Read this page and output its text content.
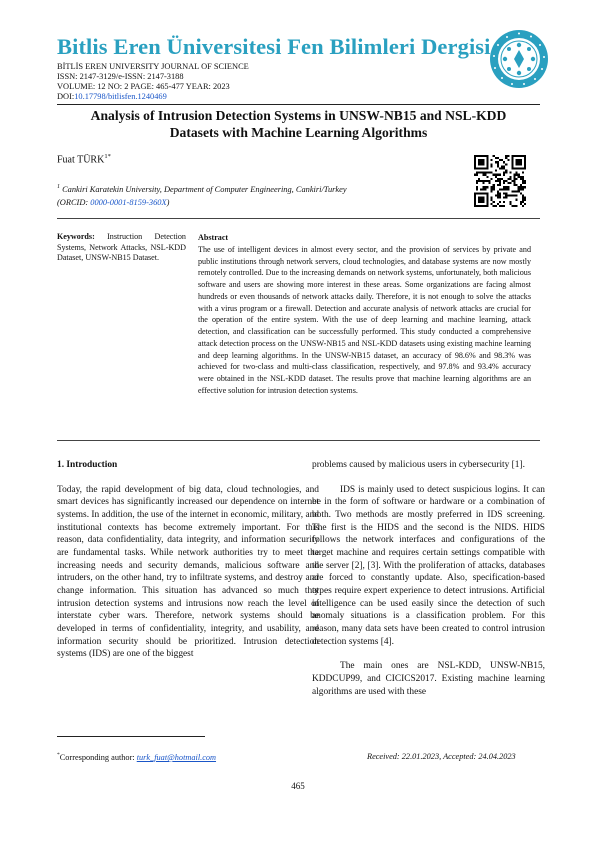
Bitlis Eren Üniversitesi Fen Bilimleri Dergisi
BİTLİS EREN UNIVERSITY JOURNAL OF SCIENCE
ISSN: 2147-3129/e-ISSN: 2147-3188
VOLUME: 12 NO: 2 PAGE: 465-477 YEAR: 2023
DOI:10.17798/bitlisfen.1240469
Analysis of Intrusion Detection Systems in UNSW-NB15 and NSL-KDD
Datasets with Machine Learning Algorithms
Fuat $TÜRK^{1*}$
$^1$ Cankiri Karatekin University, Department of Computer Engineering, Cankiri/Turkey
(ORCID: 0000-0001-8159-360X)
Keywords: Instruction Detection Systems, Network Attacks, NSL-KDD Dataset, UNSW-NB15 Dataset.
Abstract
The use of intelligent devices in almost every sector, and the provision of services by private and public institutions through network servers, cloud technologies, and database systems are now mostly remotely controlled. Due to the increasing demands on network systems, unfortunately, both malicious software and users are showing more interest in these areas. Some organizations are facing almost hundreds or even thousands of network attacks daily. Therefore, it is not enough to solve the attacks with a virus program or a firewall. Detection and accurate analysis of network attacks are crucial for the operation of the entire system. With the use of deep learning and machine learning, attack detection, and classification can be successfully performed. This study conducted a comprehensive attack detection process on the UNSW-NB15 and NSL-KDD datasets using existing machine learning and deep learning algorithms. In the UNSW-NB15 dataset, an accuracy of 98.6% and 98.3% was achieved for two-class and multi-class classification, respectively, and 97.8% and 93.4% accuracy were obtained in the NSL-KDD dataset. The results prove that machine learning algorithms are an effective solution for intrusion detection systems.
1. Introduction

Today, the rapid development of big data, cloud technologies, and smart devices has significantly increased our dependence on internet systems. In addition, the use of the internet in economic, military, and institutional contexts has become extremely important. For this reason, data confidentiality, data integrity, and information security are fundamental tasks. While network authorities try to meet the increasing needs and security demands, malicious software and intruders, on the other hand, try to infiltrate systems, and destroy and change information. This situation has advanced so much that intrusion detection systems and intrusions now reach the level of interstate cyber wars. Therefore, network systems should be developed in terms of confidentiality, integrity, and usability, and information security should be prioritized. Intrusion detection systems (IDS) are one of the biggest

problems caused by malicious users in cybersecurity [1].

IDS is mainly used to detect suspicious logins. It can be in the form of software or hardware or a combination of both. Two methods are mostly preferred in IDS screening. The first is the HIDS and the second is the NIDS. HIDS follows the network interfaces and configurations of the target machine and requires certain settings compatible with the server [2], [3]. With the proliferation of attacks, databases are forced to constantly update. Also, specification-based types require expert experience to detect intrusions. Artificial intelligence can be used easily since the detection of such anomaly situations is a classification problem. For this reason, many data sets have been created to control intrusion detection systems [4].

The main ones are NSL-KDD, UNSW-NB15, KDDCUP99, and CICICS2017. Existing machine learning algorithms are used with these

*Corresponding author: turk_fuat@hotmail.com	Received: 22.01.2023, Accepted: 24.04.2023
465
